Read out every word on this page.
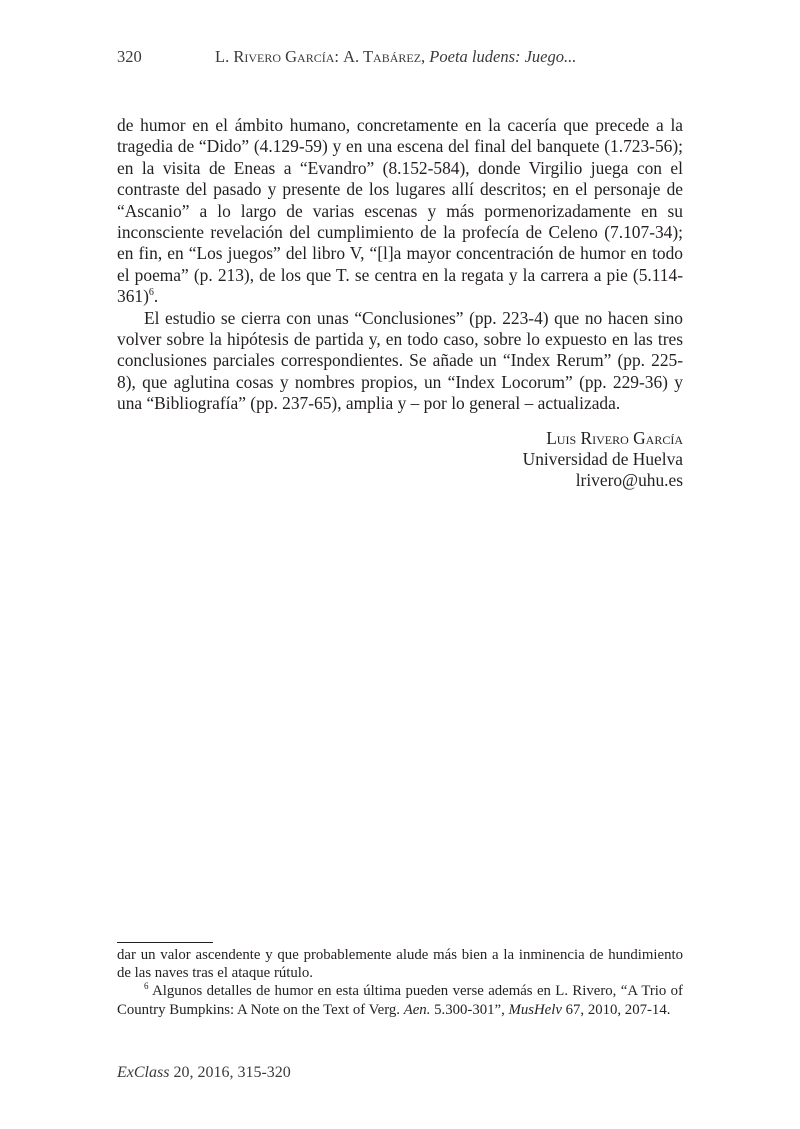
320	L. Rivero García: A. Tabárez, Poeta ludens: Juego...

de humor en el ámbito humano, concretamente en la cacería que precede a la tragedia de “Dido” (4.129-59) y en una escena del final del banquete (1.723-56); en la visita de Eneas a “Evandro” (8.152-584), donde Virgilio juega con el contraste del pasado y presente de los lugares allí descritos; en el personaje de “Ascanio” a lo largo de varias escenas y más pormenorizadamente en su inconsciente revelación del cumplimiento de la profecía de Celeno (7.107-34); en fin, en “Los juegos” del libro V, “[l]a mayor concentración de humor en todo el poema” (p. 213), de los que T. se centra en la regata y la carrera a pie (5.114-361)$^6$.

El estudio se cierra con unas “Conclusiones” (pp. 223-4) que no hacen sino volver sobre la hipótesis de partida y, en todo caso, sobre lo expuesto en las tres conclusiones parciales correspondientes. Se añade un “Index Rerum” (pp. 225-8), que aglutina cosas y nombres propios, un “Index Locorum” (pp. 229-36) y una “Bibliografía” (pp. 237-65), amplia y – por lo general – actualizada.

Luis Rivero García
Universidad de Huelva
lrivero@uhu.es

dar un valor ascendente y que probablemente alude más bien a la inminencia de hundimiento de las naves tras el ataque rútulo.

$^6$ Algunos detalles de humor en esta última pueden verse además en L. Rivero, “A Trio of Country Bumpkins: A Note on the Text of Verg. Aen. 5.300-301”, MusHelv 67, 2010, 207-14.

ExClass 20, 2016, 315-320
